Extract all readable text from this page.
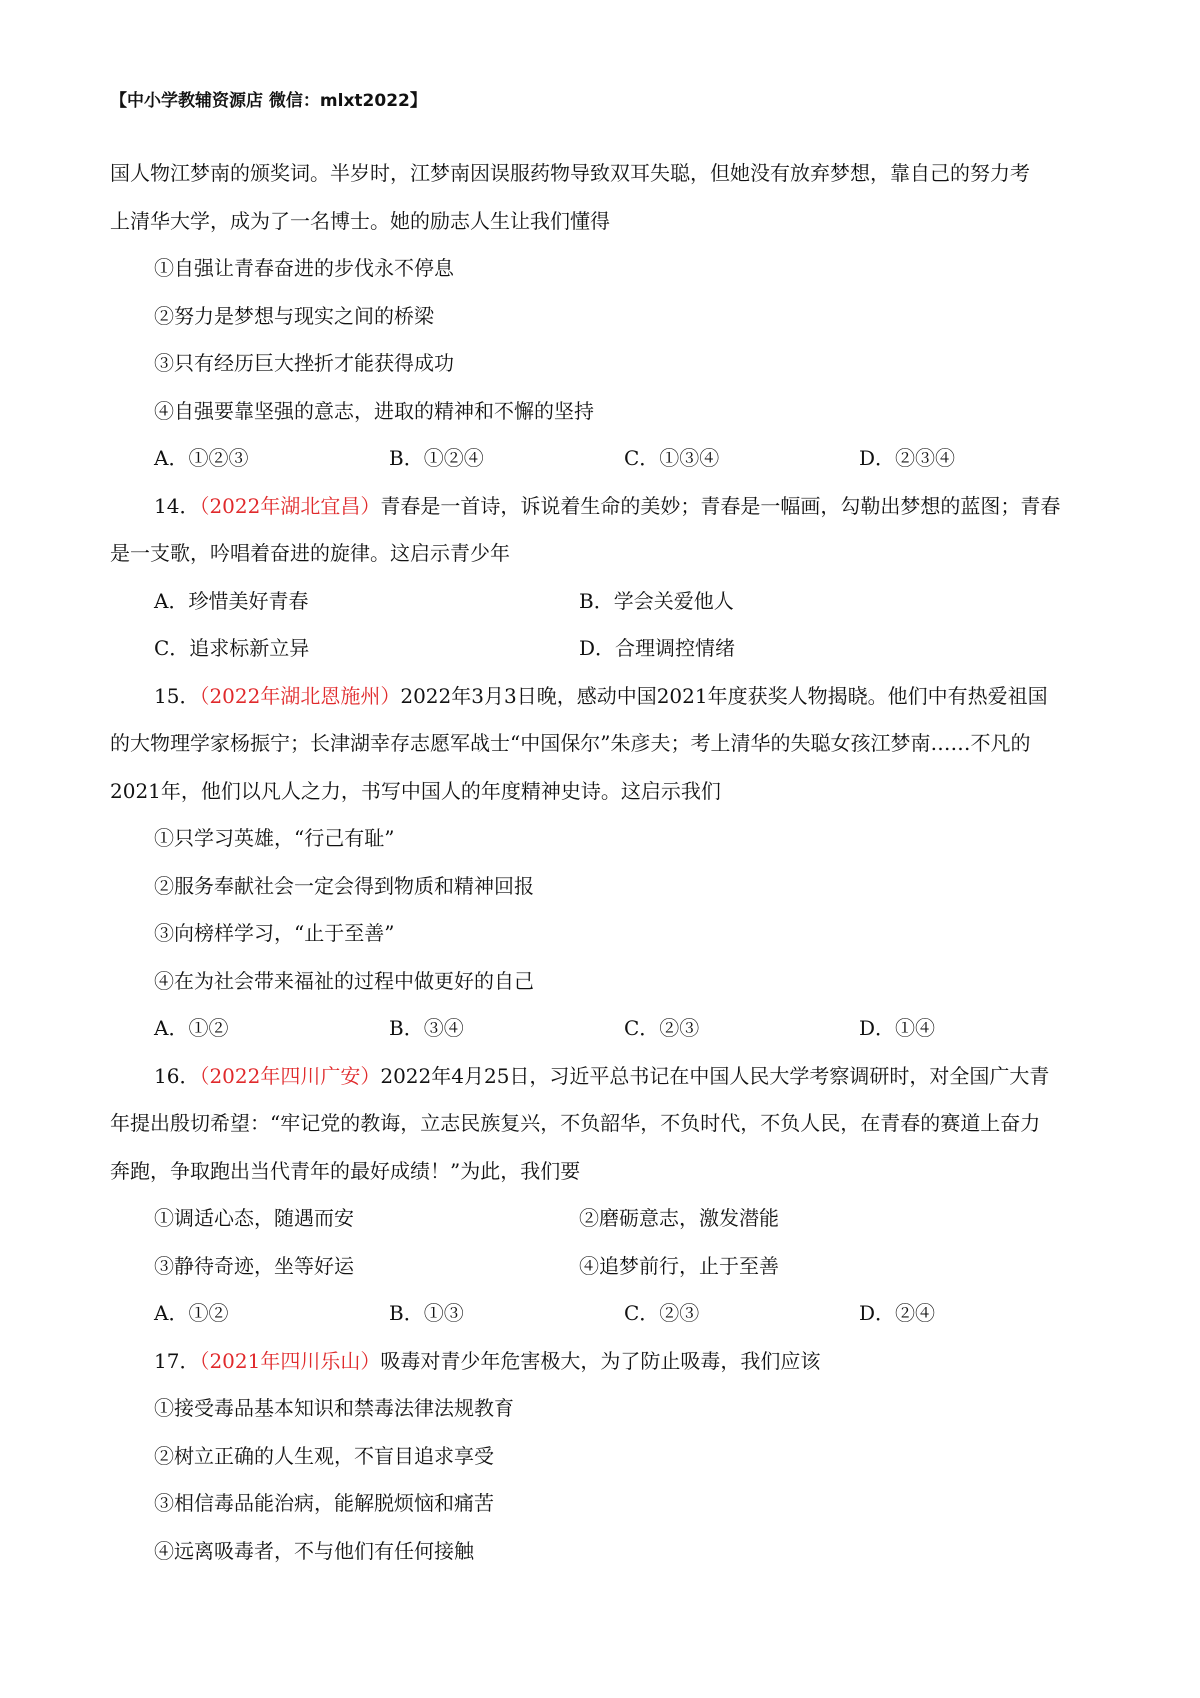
【中小学教辅资源店 微信：mlxt2022】
国人物江梦南的颁奖词。半岁时，江梦南因误服药物导致双耳失聪，但她没有放弃梦想，靠自己的努力考
上清华大学，成为了一名博士。她的励志人生让我们懂得
①自强让青春奋进的步伐永不停息
②努力是梦想与现实之间的桥梁
③只有经历巨大挫折才能获得成功
④自强要靠坚强的意志，进取的精神和不懈的坚持
A．①②③	B．①②④	C．①③④	D．②③④
14．（2022年湖北宜昌）青春是一首诗，诉说着生命的美妙；青春是一幅画，勾勒出梦想的蓝图；青春
是一支歌，吟唱着奋进的旋律。这启示青少年
A．珍惜美好青春	B．学会关爱他人
C．追求标新立异	D．合理调控情绪
15．（2022年湖北恩施州）2022年3月3日晚，感动中国2021年度获奖人物揭晓。他们中有热爱祖国
的大物理学家杨振宁；长津湖幸存志愿军战士“中国保尔”朱彦夫；考上清华的失聪女孩江梦南……不凡的
2021年，他们以凡人之力，书写中国人的年度精神史诗。这启示我们
①只学习英雄，“行己有耻”
②服务奉献社会一定会得到物质和精神回报
③向榜样学习，“止于至善”
④在为社会带来福祉的过程中做更好的自己
A．①②	B．③④	C．②③	D．①④
16．（2022年四川广安）2022年4月25日，习近平总书记在中国人民大学考察调研时，对全国广大青
年提出殷切希望：“牢记党的教诲，立志民族复兴，不负韶华，不负时代，不负人民，在青春的赛道上奋力
奔跑，争取跑出当代青年的最好成绩！”为此，我们要
①调适心态，随遇而安	②磨砺意志，激发潜能
③静待奇迹，坐等好运	④追梦前行，止于至善
A．①②	B．①③	C．②③	D．②④
17．（2021年四川乐山）吸毒对青少年危害极大，为了防止吸毒，我们应该
①接受毒品基本知识和禁毒法律法规教育
②树立正确的人生观，不盲目追求享受
③相信毒品能治病，能解脱烦恼和痛苦
④远离吸毒者，不与他们有任何接触
